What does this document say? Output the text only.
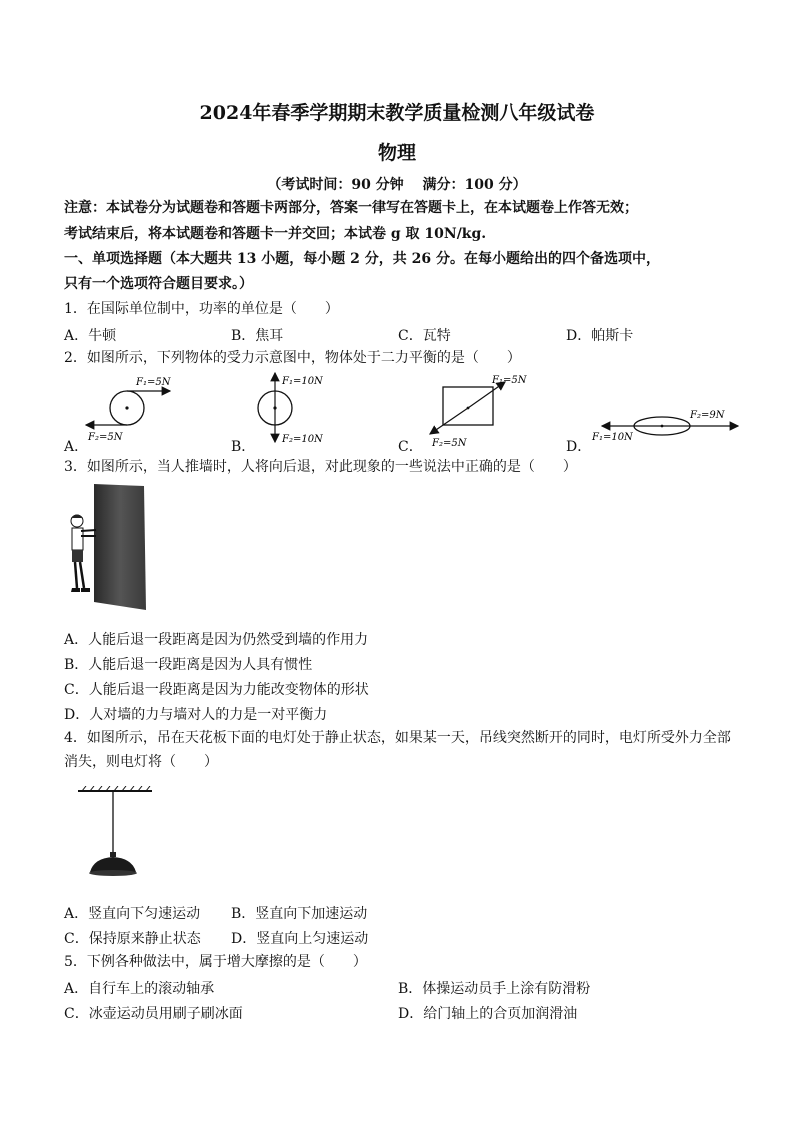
2024年春季学期期末教学质量检测八年级试卷
物理
（考试时间：90 分钟　 满分：100 分）
注意：本试卷分为试题卷和答题卡两部分，答案一律写在答题卡上，在本试题卷上作答无效；
考试结束后，将本试题卷和答题卡一并交回；本试卷 g 取 10N/kg.
一、单项选择题（本大题共 13 小题，每小题 2 分，共 26 分。在每小题给出的四个备选项中，
只有一个选项符合题目要求。）
1．在国际单位制中，功率的单位是（　　）
A．牛顿	B．焦耳	C．瓦特	D．帕斯卡
2．如图所示，下列物体的受力示意图中，物体处于二力平衡的是（　　）
A．	B．	C．	D．
F₁=5N
F₂=5N
F₁=10N
F₂=10N
F₁=5N
F₂=5N
F₂=9N
F₁=10N
3．如图所示，当人推墙时，人将向后退，对此现象的一些说法中正确的是（　　）
A．人能后退一段距离是因为仍然受到墙的作用力
B．人能后退一段距离是因为人具有惯性
C．人能后退一段距离是因为力能改变物体的形状
D．人对墙的力与墙对人的力是一对平衡力
4．如图所示，吊在天花板下面的电灯处于静止状态，如果某一天，吊线突然断开的同时，电灯所受外力全部
消失，则电灯将（　　）
A．竖直向下匀速运动 B．竖直向下加速运动
C．保持原来静止状态 D．竖直向上匀速运动
5．下例各种做法中，属于增大摩擦的是（　　）
A．自行车上的滚动轴承	B．体操运动员手上涂有防滑粉
C．冰壶运动员用刷子刷冰面	D．给门轴上的合页加润滑油
